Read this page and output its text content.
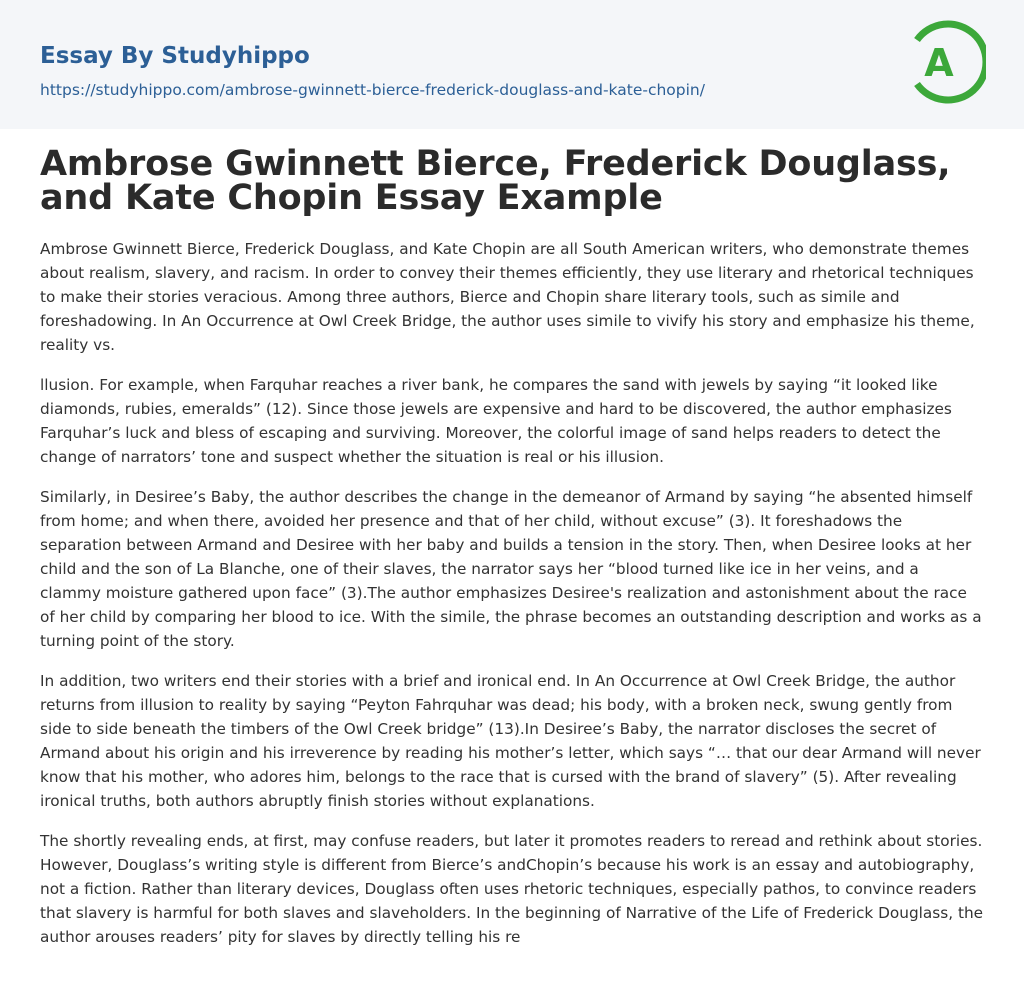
Essay By Studyhippo
https://studyhippo.com/ambrose-gwinnett-bierce-frederick-douglass-and-kate-chopin/
A
Ambrose Gwinnett Bierce, Frederick Douglass, and Kate Chopin Essay Example

Ambrose Gwinnett Bierce, Frederick Douglass, and Kate Chopin are all South American writers, who demonstrate themes about realism, slavery, and racism. In order to convey their themes efficiently, they use literary and rhetorical techniques to make their stories veracious. Among three authors, Bierce and Chopin share literary tools, such as simile and foreshadowing. In An Occurrence at Owl Creek Bridge, the author uses simile to vivify his story and emphasize his theme, reality vs.

llusion. For example, when Farquhar reaches a river bank, he compares the sand with jewels by saying “it looked like diamonds, rubies, emeralds” (12). Since those jewels are expensive and hard to be discovered, the author emphasizes Farquhar’s luck and bless of escaping and surviving. Moreover, the colorful image of sand helps readers to detect the change of narrators’ tone and suspect whether the situation is real or his illusion.

Similarly, in Desiree’s Baby, the author describes the change in the demeanor of Armand by saying “he absented himself from home; and when there, avoided her presence and that of her child, without excuse” (3). It foreshadows the separation between Armand and Desiree with her baby and builds a tension in the story. Then, when Desiree looks at her child and the son of La Blanche, one of their slaves, the narrator says her “blood turned like ice in her veins, and a clammy moisture gathered upon face” (3).The author emphasizes Desiree's realization and astonishment about the race of her child by comparing her blood to ice. With the simile, the phrase becomes an outstanding description and works as a turning point of the story.

In addition, two writers end their stories with a brief and ironical end. In An Occurrence at Owl Creek Bridge, the author returns from illusion to reality by saying “Peyton Fahrquhar was dead; his body, with a broken neck, swung gently from side to side beneath the timbers of the Owl Creek bridge” (13).In Desiree’s Baby, the narrator discloses the secret of Armand about his origin and his irreverence by reading his mother’s letter, which says “… that our dear Armand will never know that his mother, who adores him, belongs to the race that is cursed with the brand of slavery” (5). After revealing ironical truths, both authors abruptly finish stories without explanations.

The shortly revealing ends, at first, may confuse readers, but later it promotes readers to reread and rethink about stories. However, Douglass’s writing style is different from Bierce’s andChopin’s because his work is an essay and autobiography, not a fiction. Rather than literary devices, Douglass often uses rhetoric techniques, especially pathos, to convince readers that slavery is harmful for both slaves and slaveholders. In the beginning of Narrative of the Life of Frederick Douglass, the author arouses readers’ pity for slaves by directly telling his re
